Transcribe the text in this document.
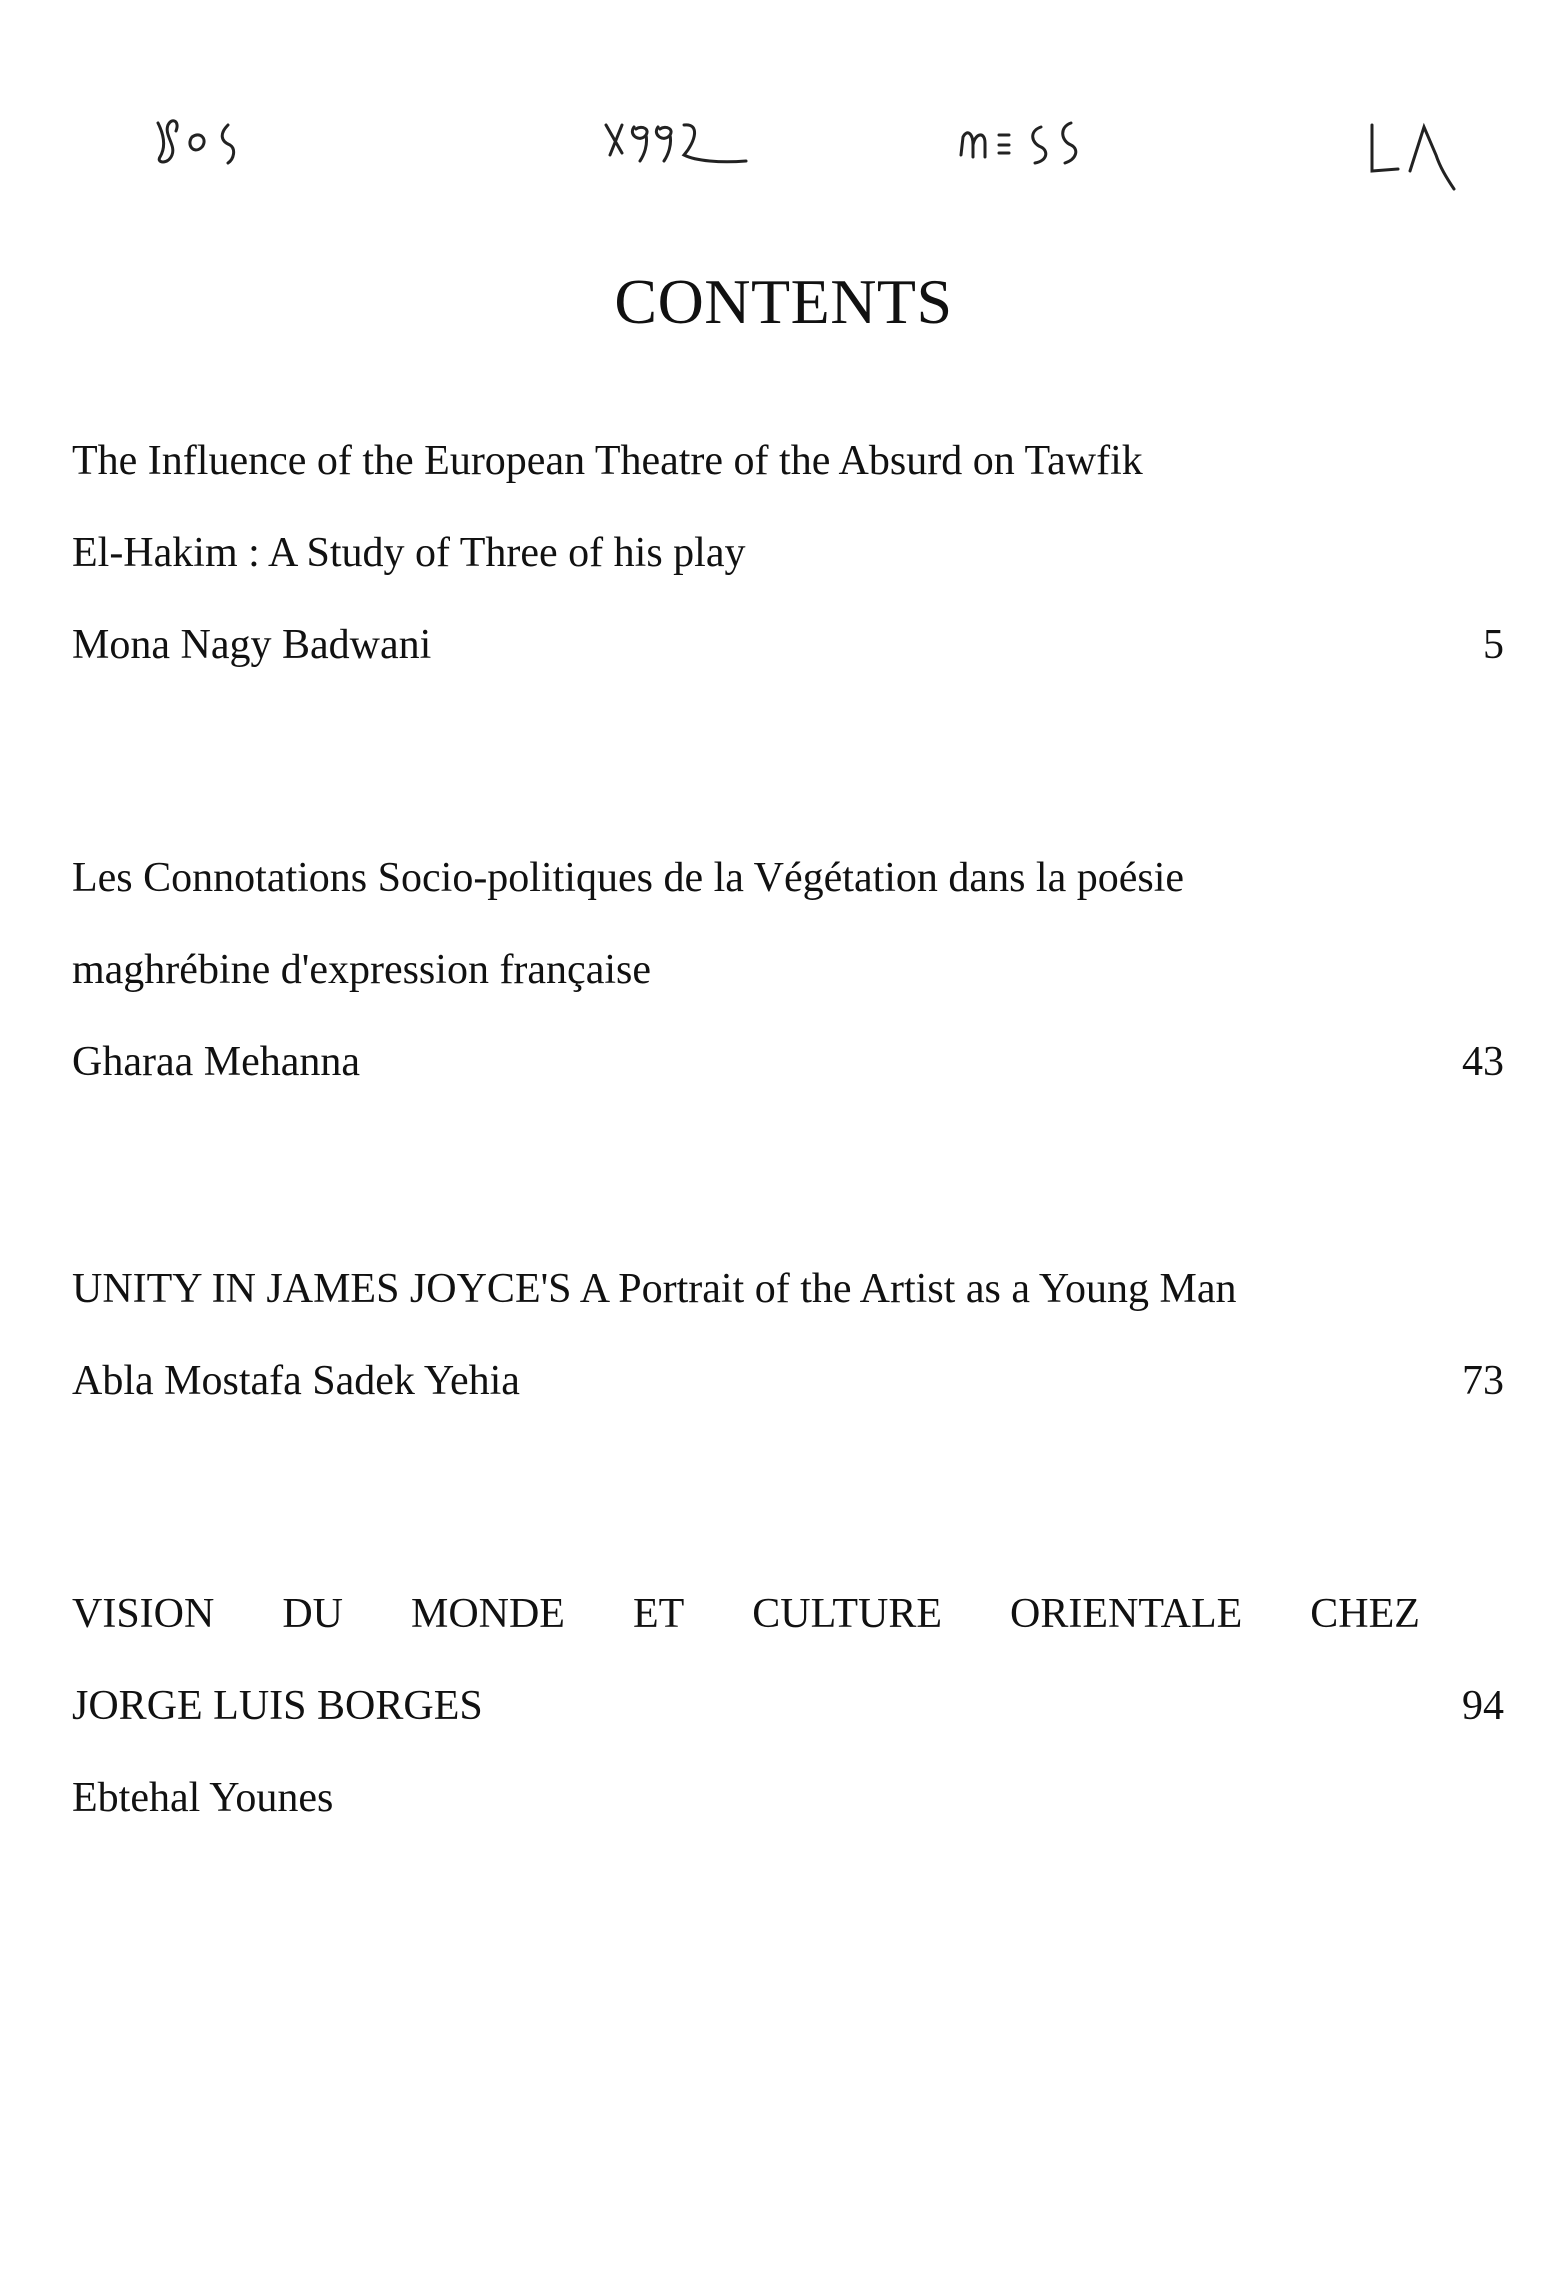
CONTENTS
The Influence of the European Theatre of the Absurd on Tawfik
El-Hakim : A Study of Three of his play
Mona Nagy Badwani	5
Les Connotations Socio-politiques de la Végétation dans la poésie
maghrébine d'expression française
Gharaa Mehanna	43
UNITY IN JAMES JOYCE'S A Portrait of the Artist as a Young Man
Abla Mostafa Sadek Yehia	73
VISION DU MONDE ET CULTURE ORIENTALE CHEZ
JORGE LUIS BORGES	94
Ebtehal Younes
